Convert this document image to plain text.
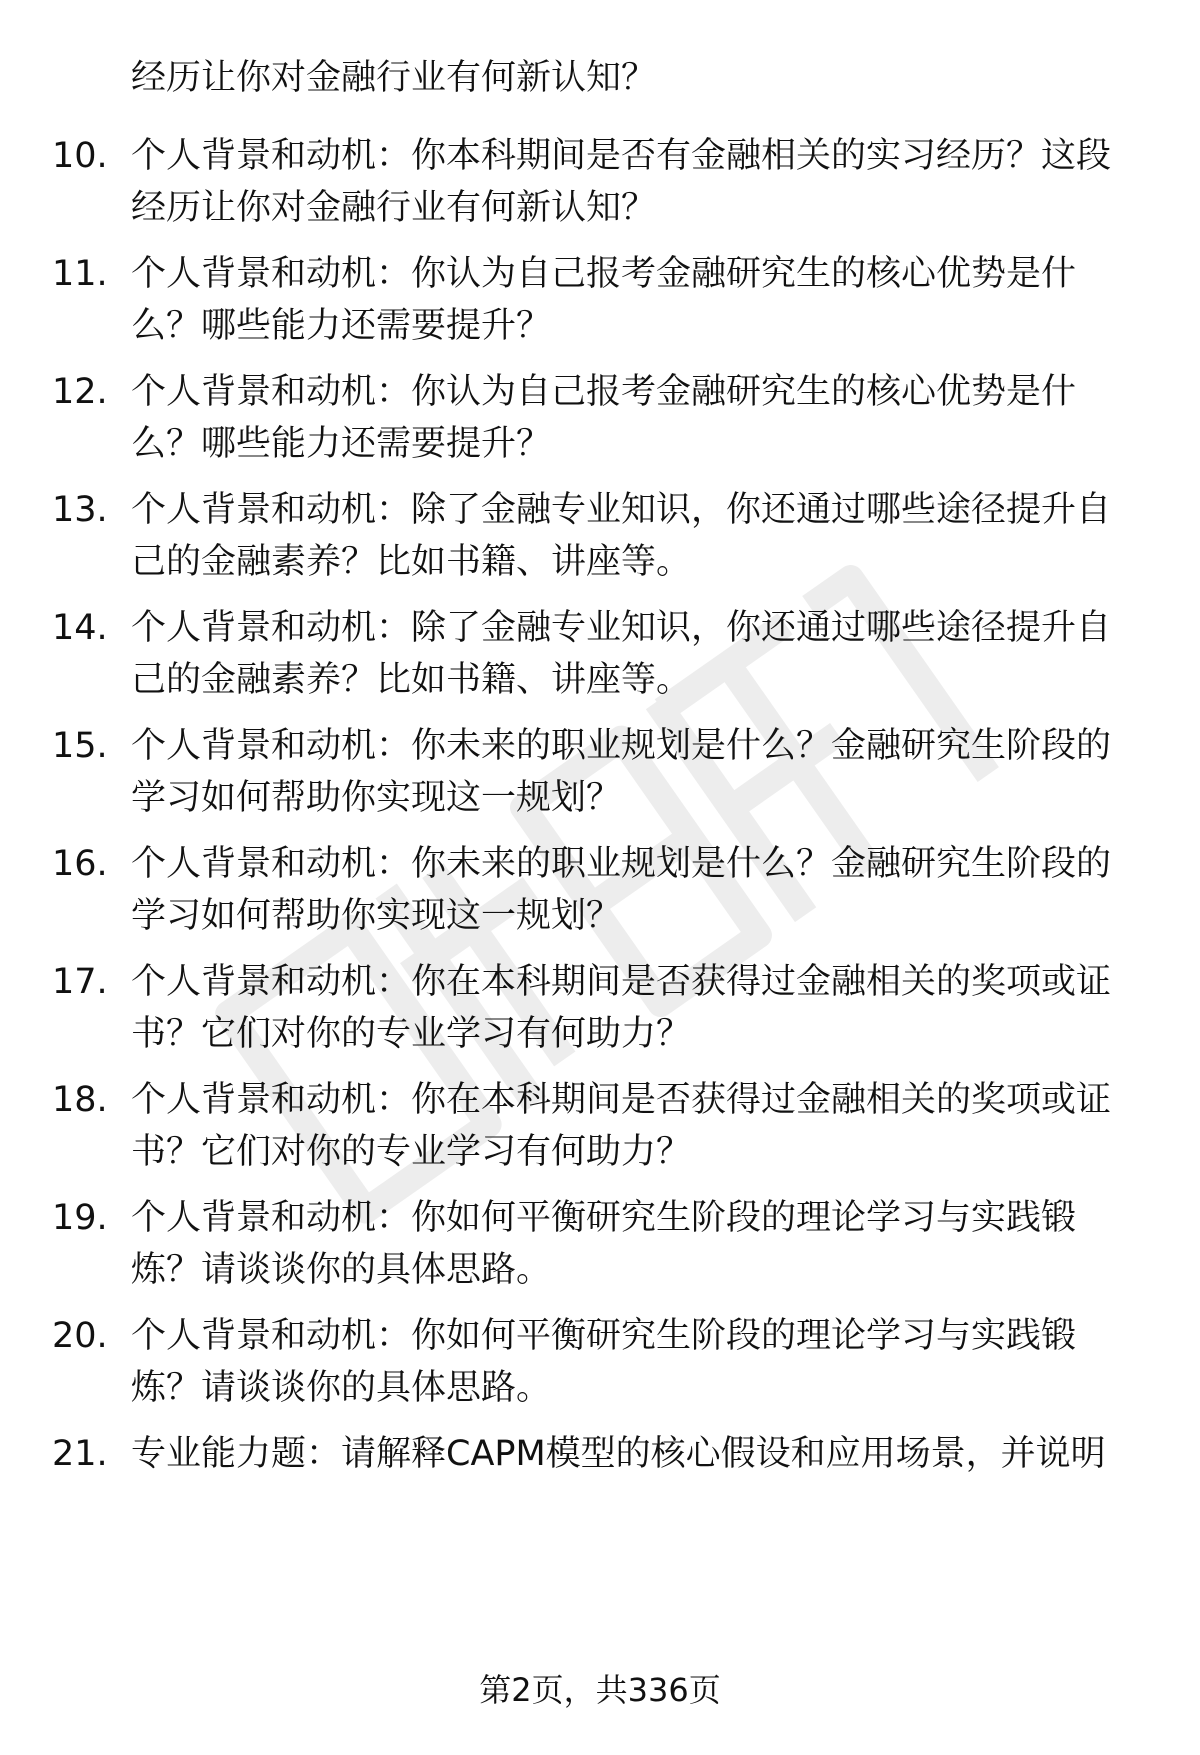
经历让你对金融行业有何新认知？
10. 个人背景和动机：你本科期间是否有金融相关的实习经历？这段
经历让你对金融行业有何新认知？
11. 个人背景和动机：你认为自己报考金融研究生的核心优势是什
么？哪些能力还需要提升？
12. 个人背景和动机：你认为自己报考金融研究生的核心优势是什
么？哪些能力还需要提升？
13. 个人背景和动机：除了金融专业知识，你还通过哪些途径提升自
己的金融素养？比如书籍、讲座等。
14. 个人背景和动机：除了金融专业知识，你还通过哪些途径提升自
己的金融素养？比如书籍、讲座等。
15. 个人背景和动机：你未来的职业规划是什么？金融研究生阶段的
学习如何帮助你实现这一规划？
16. 个人背景和动机：你未来的职业规划是什么？金融研究生阶段的
学习如何帮助你实现这一规划？
17. 个人背景和动机：你在本科期间是否获得过金融相关的奖项或证
书？它们对你的专业学习有何助力？
18. 个人背景和动机：你在本科期间是否获得过金融相关的奖项或证
书？它们对你的专业学习有何助力？
19. 个人背景和动机：你如何平衡研究生阶段的理论学习与实践锻
炼？请谈谈你的具体思路。
20. 个人背景和动机：你如何平衡研究生阶段的理论学习与实践锻
炼？请谈谈你的具体思路。
21. 专业能力题：请解释CAPM模型的核心假设和应用场景，并说明
第2页，共336页
